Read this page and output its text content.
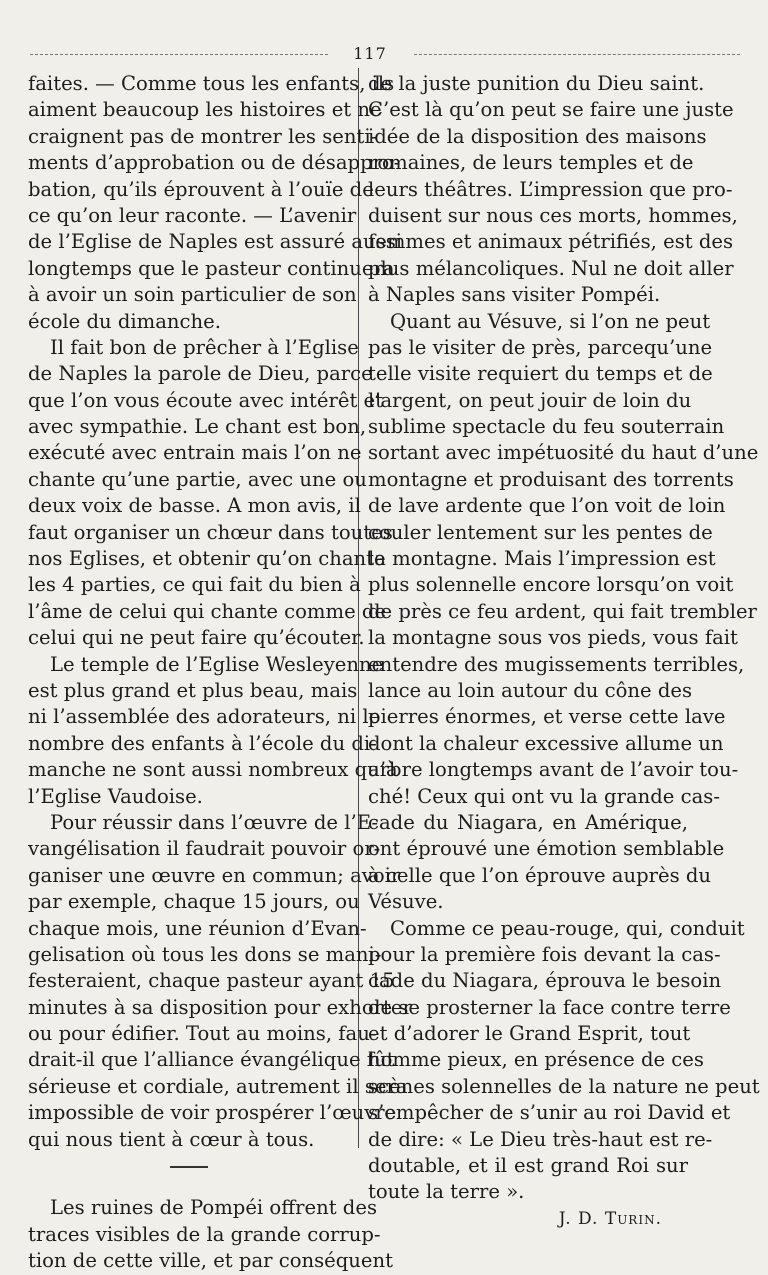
117
faites. — Comme tous les enfants, ils
aiment beaucoup les histoires et ne
craignent pas de montrer les senti-
ments d’approbation ou de désappro-
bation, qu’ils éprouvent à l’ouïe de
ce qu’on leur raconte. — L’avenir
de l’Eglise de Naples est assuré aussi
longtemps que le pasteur continuera
à avoir un soin particulier de son
école du dimanche.
Il fait bon de prêcher à l’Eglise
de Naples la parole de Dieu, parce
que l’on vous écoute avec intérêt et
avec sympathie. Le chant est bon,
exécuté avec entrain mais l’on ne
chante qu’une partie, avec une ou
deux voix de basse. A mon avis, il
faut organiser un chœur dans toutes
nos Eglises, et obtenir qu’on chante
les 4 parties, ce qui fait du bien à
l’âme de celui qui chante comme de
celui qui ne peut faire qu’écouter.
Le temple de l’Eglise Wesleyenne
est plus grand et plus beau, mais
ni l’assemblée des adorateurs, ni le
nombre des enfants à l’école du di-
manche ne sont aussi nombreux qu’à
l’Eglise Vaudoise.
Pour réussir dans l’œuvre de l’E-
vangélisation il faudrait pouvoir or-
ganiser une œuvre en commun; avoir
par exemple, chaque 15 jours, ou
chaque mois, une réunion d’Evan-
gelisation où tous les dons se mani-
festeraient, chaque pasteur ayant 15
minutes à sa disposition pour exhorter
ou pour édifier. Tout au moins, fau-
drait-il que l’alliance évangélique fût
sérieuse et cordiale, autrement il sera
impossible de voir prospérer l’œuvre
qui nous tient à cœur à tous.
Les ruines de Pompéi offrent des
traces visibles de la grande corrup-
tion de cette ville, et par conséquent
de la juste punition du Dieu saint.
C’est là qu’on peut se faire une juste
idée de la disposition des maisons
romaines, de leurs temples et de
leurs théâtres. L’impression que pro-
duisent sur nous ces morts, hommes,
femmes et animaux pétrifiés, est des
plus mélancoliques. Nul ne doit aller
à Naples sans visiter Pompéi.
Quant au Vésuve, si l’on ne peut
pas le visiter de près, parcequ’une
telle visite requiert du temps et de
l’argent, on peut jouir de loin du
sublime spectacle du feu souterrain
sortant avec impétuosité du haut d’une
montagne et produisant des torrents
de lave ardente que l’on voit de loin
couler lentement sur les pentes de
la montagne. Mais l’impression est
plus solennelle encore lorsqu’on voit
de près ce feu ardent, qui fait trembler
la montagne sous vos pieds, vous fait
entendre des mugissements terribles,
lance au loin autour du cône des
pierres énormes, et verse cette lave
dont la chaleur excessive allume un
arbre longtemps avant de l’avoir tou-
ché! Ceux qui ont vu la grande cas-
cade du Niagara, en Amérique,
ont éprouvé une émotion semblable
à celle que l’on éprouve auprès du
Vésuve.
Comme ce peau-rouge, qui, conduit
pour la première fois devant la cas-
cade du Niagara, éprouva le besoin
de se prosterner la face contre terre
et d’adorer le Grand Esprit, tout
homme pieux, en présence de ces
scènes solennelles de la nature ne peut
s’empêcher de s’unir au roi David et
de dire: « Le Dieu très-haut est re-
doutable, et il est grand Roi sur
toute la terre ».
J. D. Turin.
